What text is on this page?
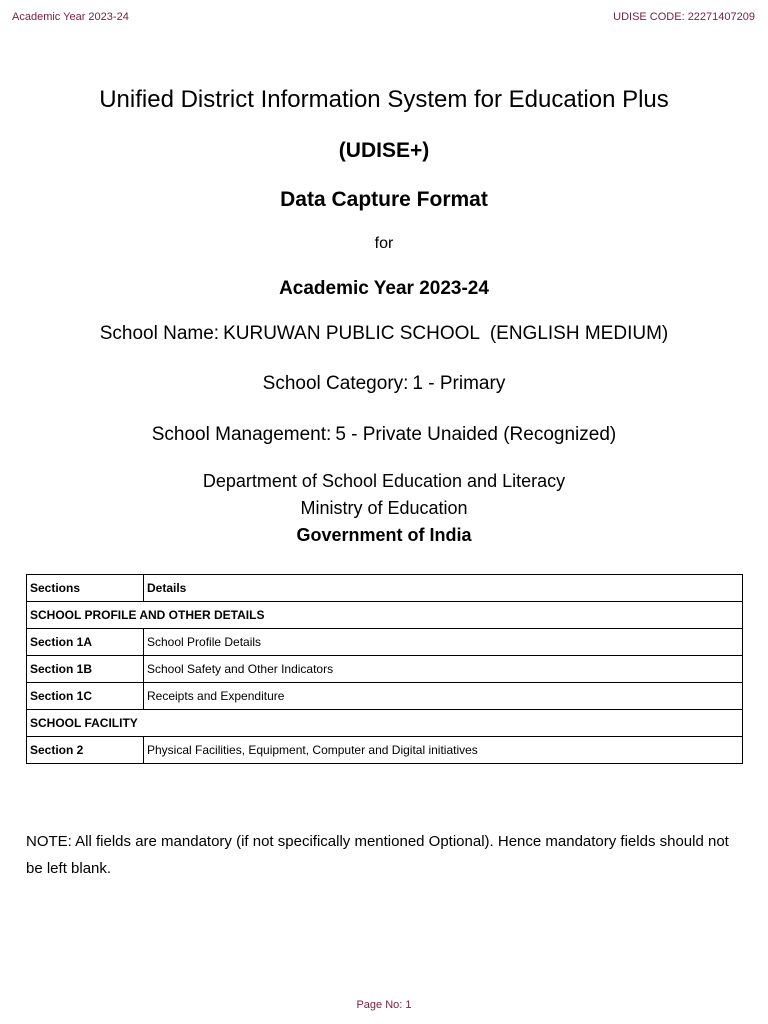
Academic Year 2023-24	UDISE CODE: 22271407209
Unified District Information System for Education Plus
(UDISE+)
Data Capture Format
for
Academic Year 2023-24
School Name: KURUWAN PUBLIC SCHOOL  (ENGLISH MEDIUM)
School Category: 1 - Primary
School Management: 5 - Private Unaided (Recognized)
Department of School Education and Literacy
Ministry of Education
Government of India
Sections	Details
SCHOOL PROFILE AND OTHER DETAILS	
Section 1A	School Profile Details
Section 1B	School Safety and Other Indicators
Section 1C	Receipts and Expenditure
SCHOOL FACILITY	
Section 2	Physical Facilities, Equipment, Computer and Digital initiatives
NOTE: All fields are mandatory (if not specifically mentioned Optional). Hence mandatory fields should not be left blank.
Page No: 1
